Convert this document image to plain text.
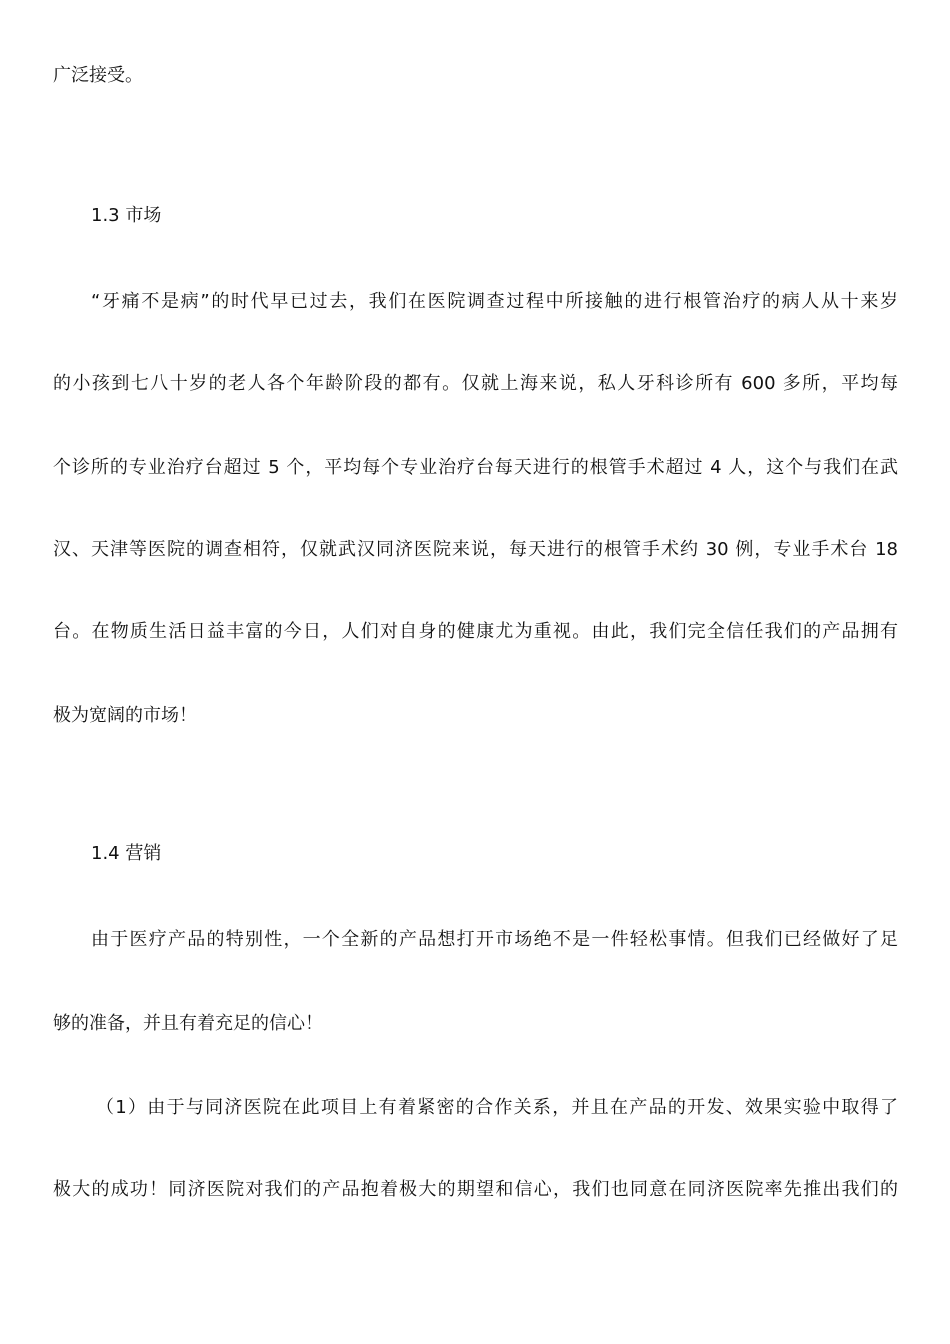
广泛接受。
1.3 市场
“牙痛不是病”的时代早已过去，我们在医院调查过程中所接触的进行根管治疗的病人从十来岁
的小孩到七八十岁的老人各个年龄阶段的都有。仅就上海来说，私人牙科诊所有 600 多所，平均每
个诊所的专业治疗台超过 5 个，平均每个专业治疗台每天进行的根管手术超过 4 人，这个与我们在武
汉、天津等医院的调查相符，仅就武汉同济医院来说，每天进行的根管手术约 30 例，专业手术台 18
台。在物质生活日益丰富的今日，人们对自身的健康尤为重视。由此，我们完全信任我们的产品拥有
极为宽阔的市场！
1.4 营销
由于医疗产品的特别性，一个全新的产品想打开市场绝不是一件轻松事情。但我们已经做好了足
够的准备，并且有着充足的信心！
（1）由于与同济医院在此项目上有着紧密的合作关系，并且在产品的开发、效果实验中取得了
极大的成功！同济医院对我们的产品抱着极大的期望和信心，我们也同意在同济医院率先推出我们的
